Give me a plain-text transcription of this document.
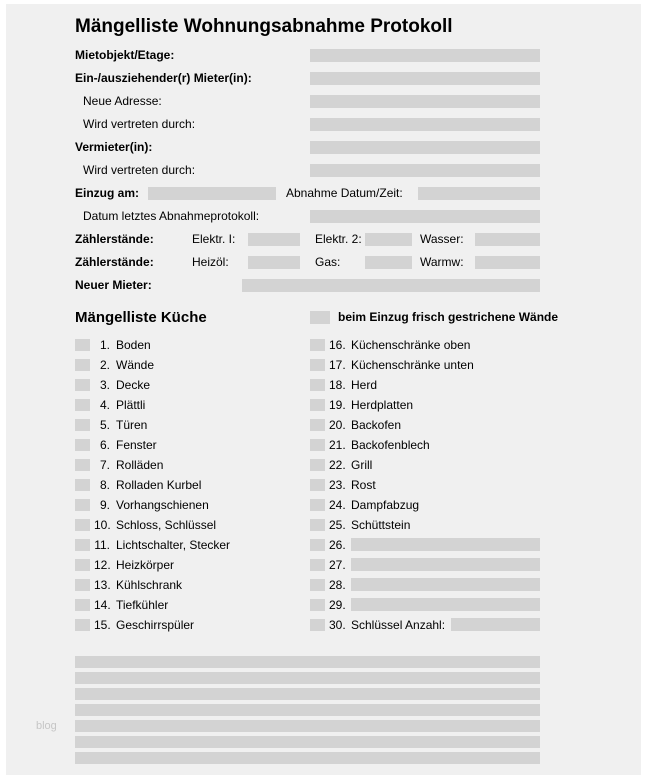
Mängelliste Wohnungsabnahme Protokoll
Mietobjekt/Etage:
Ein-/ausziehender(r) Mieter(in):
Neue Adresse:
Wird vertreten durch:
Vermieter(in):
Wird vertreten durch:
Einzug am:	Abnahme Datum/Zeit:
Datum letztes Abnahmeprotokoll:
Zählerstände:	Elektr. I:	Elektr. 2:	Wasser:
Zählerstände:	Heizöl:	Gas:	Warmw:
Neuer Mieter:
Mängelliste Küche	beim Einzug frisch gestrichene Wände
1. Boden
2. Wände
3. Decke
4. Plättli
5. Türen
6. Fenster
7. Rolläden
8. Rolladen Kurbel
9. Vorhangschienen
10. Schloss, Schlüssel
11. Lichtschalter, Stecker
12. Heizkörper
13. Kühlschrank
14. Tiefkühler
15. Geschirrspüler
16. Küchenschränke oben
17. Küchenschränke unten
18. Herd
19. Herdplatten
20. Backofen
21. Backofenblech
22. Grill
23. Rost
24. Dampfabzug
25. Schüttstein
26.
27.
28.
29.
30. Schlüssel Anzahl:
blog
